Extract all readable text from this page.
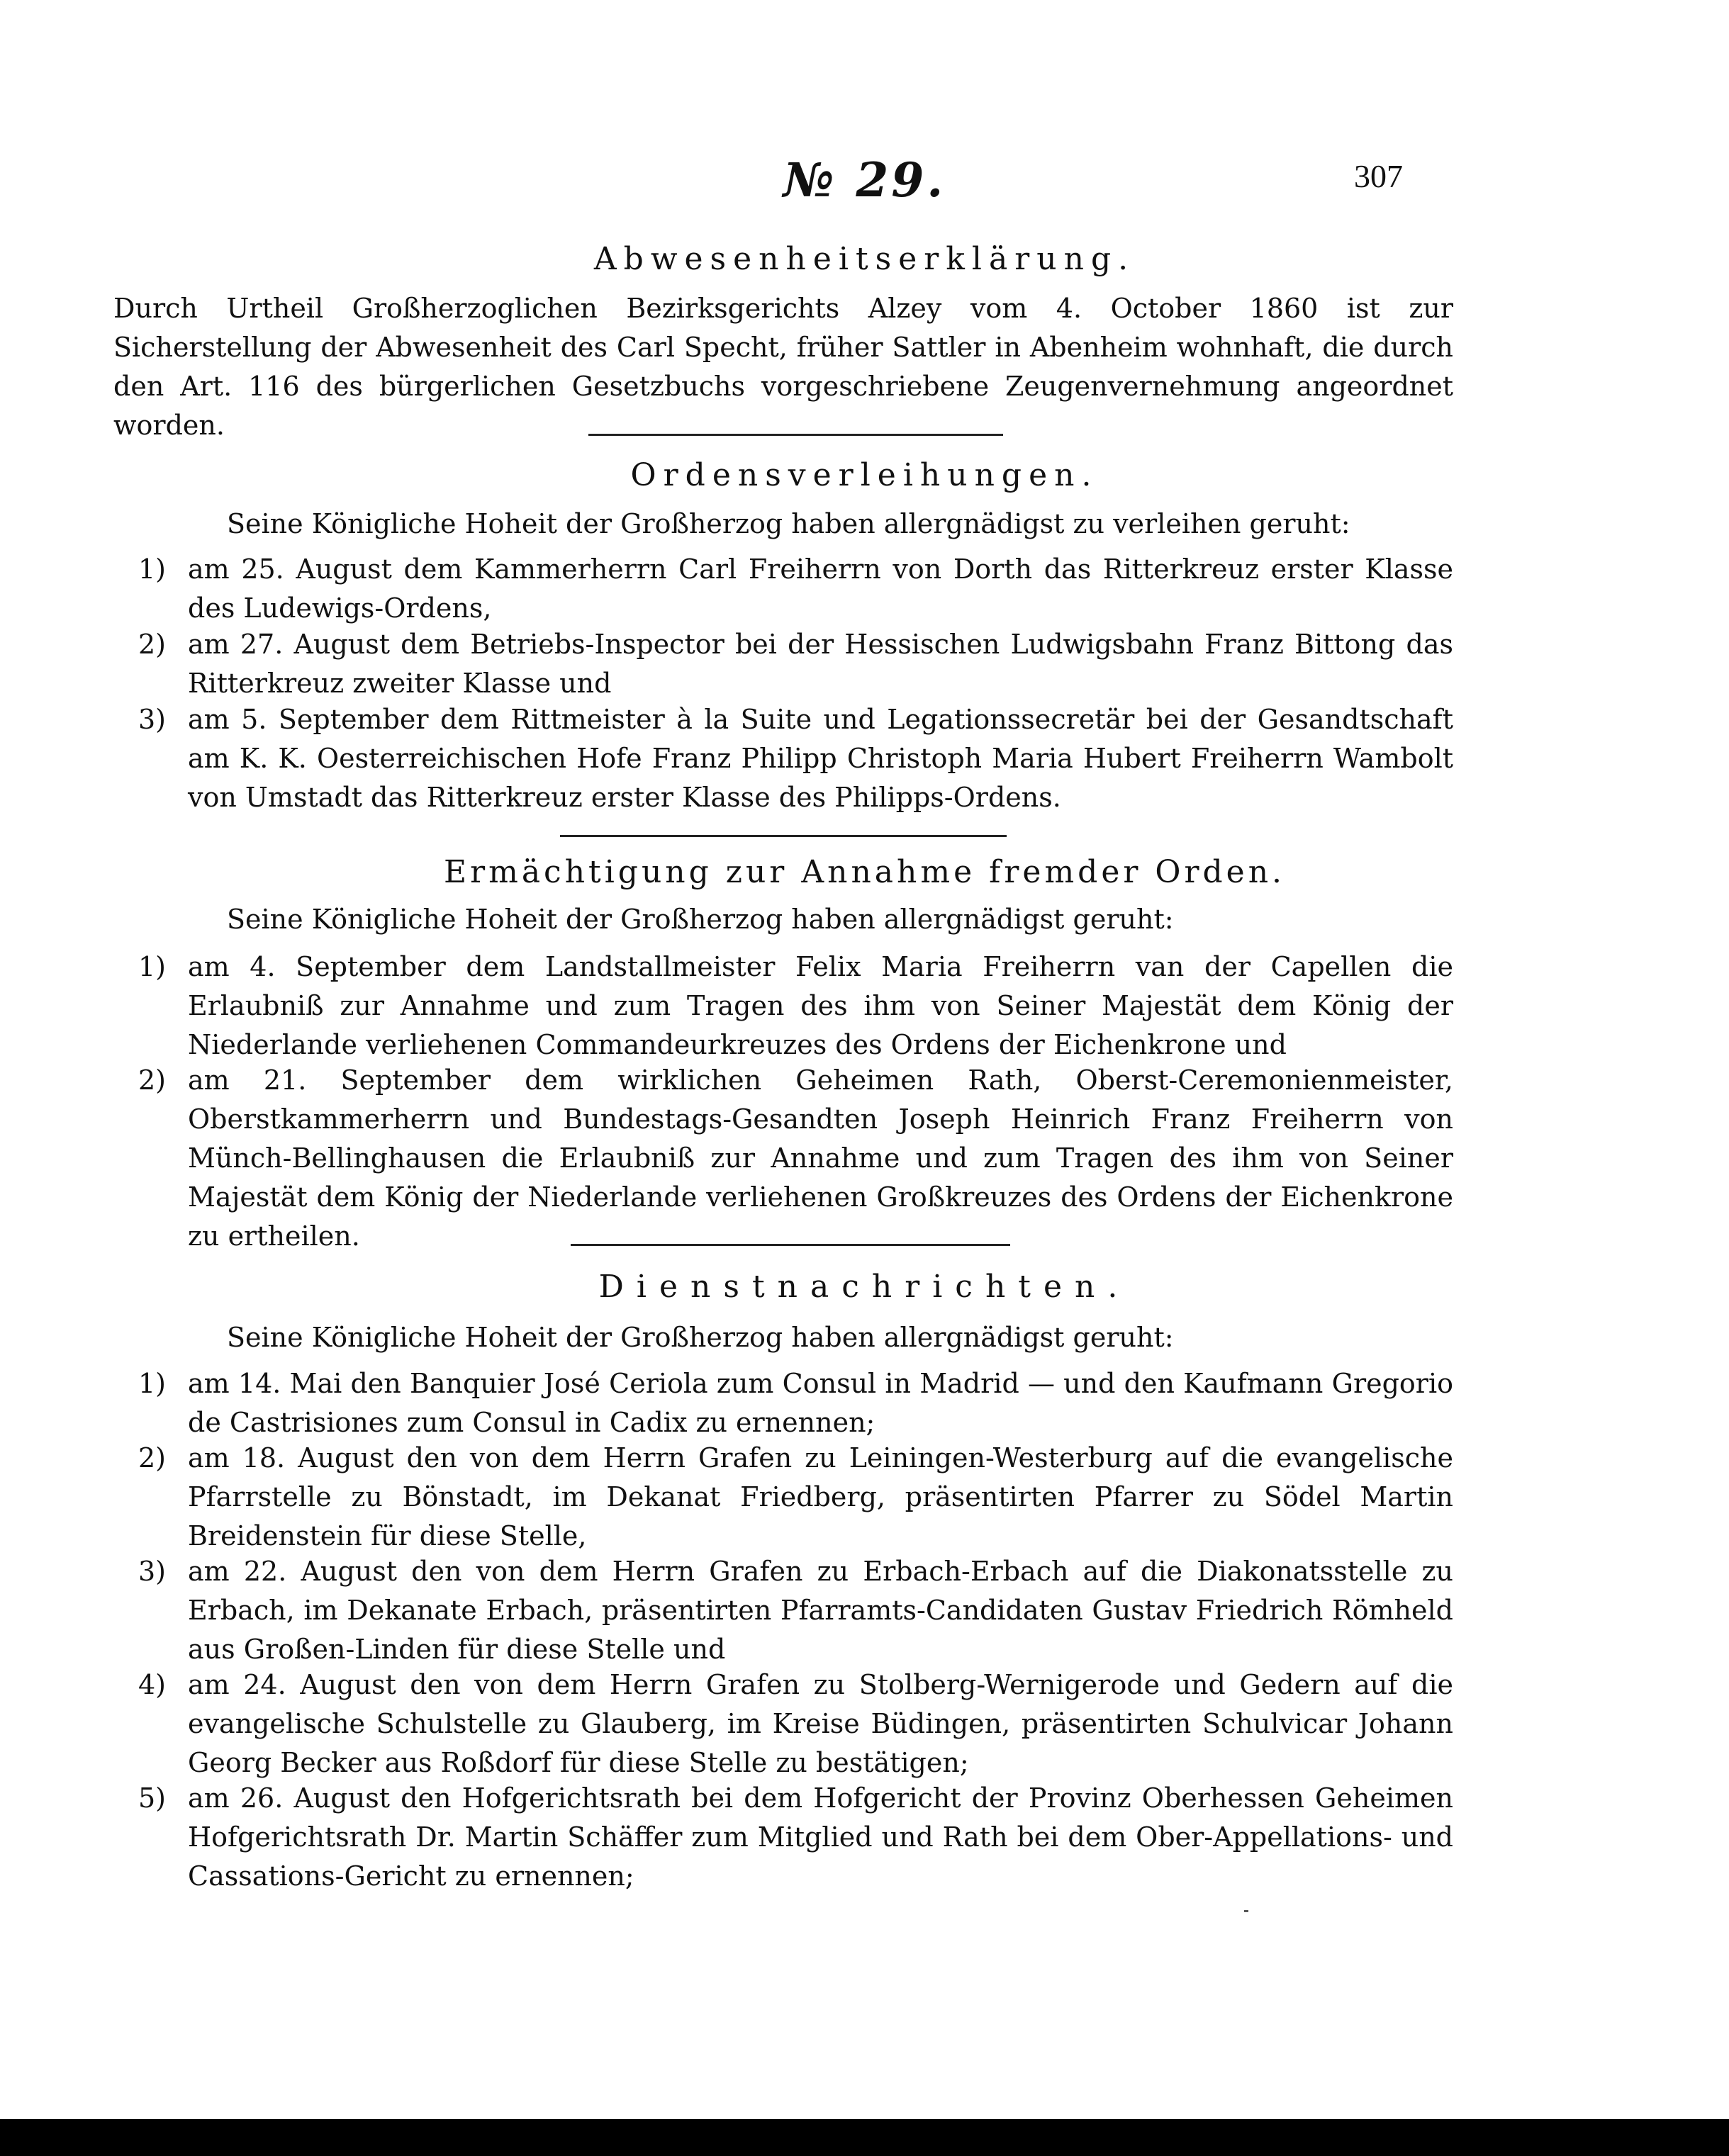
№ 29.	307
Abwesenheitserklärung.
Durch Urtheil Großherzoglichen Bezirksgerichts Alzey vom 4. October 1860 ist zur Sicherstellung der Abwesenheit des Carl Specht, früher Sattler in Abenheim wohnhaft, die durch den Art. 116 des bürgerlichen Gesetzbuchs vorgeschriebene Zeugenvernehmung angeordnet worden.
Ordensverleihungen.
Seine Königliche Hoheit der Großherzog haben allergnädigst zu verleihen geruht:
1) am 25. August dem Kammerherrn Carl Freiherrn von Dorth das Ritterkreuz erster Klasse des Ludewigs-Ordens,
2) am 27. August dem Betriebs-Inspector bei der Hessischen Ludwigsbahn Franz Bittong das Ritterkreuz zweiter Klasse und
3) am 5. September dem Rittmeister à la Suite und Legationssecretär bei der Gesandtschaft am K. K. Oesterreichischen Hofe Franz Philipp Christoph Maria Hubert Freiherrn Wambolt von Umstadt das Ritterkreuz erster Klasse des Philipps-Ordens.
Ermächtigung zur Annahme fremder Orden.
Seine Königliche Hoheit der Großherzog haben allergnädigst geruht:
1) am 4. September dem Landstallmeister Felix Maria Freiherrn van der Capellen die Erlaubniß zur Annahme und zum Tragen des ihm von Seiner Majestät dem König der Niederlande verliehenen Commandeurkreuzes des Ordens der Eichenkrone und
2) am 21. September dem wirklichen Geheimen Rath, Oberst-Ceremonienmeister, Oberstkammerherrn und Bundestags-Gesandten Joseph Heinrich Franz Freiherrn von Münch-Bellinghausen die Erlaubniß zur Annahme und zum Tragen des ihm von Seiner Majestät dem König der Niederlande verliehenen Großkreuzes des Ordens der Eichenkrone zu ertheilen.
Dienstnachrichten.
Seine Königliche Hoheit der Großherzog haben allergnädigst geruht:
1) am 14. Mai den Banquier José Ceriola zum Consul in Madrid — und den Kaufmann Gregorio de Castrisiones zum Consul in Cadix zu ernennen;
2) am 18. August den von dem Herrn Grafen zu Leiningen-Westerburg auf die evangelische Pfarrstelle zu Bönstadt, im Dekanat Friedberg, präsentirten Pfarrer zu Södel Martin Breidenstein für diese Stelle,
3) am 22. August den von dem Herrn Grafen zu Erbach-Erbach auf die Diakonatsstelle zu Erbach, im Dekanate Erbach, präsentirten Pfarramts-Candidaten Gustav Friedrich Römheld aus Großen-Linden für diese Stelle und
4) am 24. August den von dem Herrn Grafen zu Stolberg-Wernigerode und Gedern auf die evangelische Schulstelle zu Glauberg, im Kreise Büdingen, präsentirten Schulvicar Johann Georg Becker aus Roßdorf für diese Stelle zu bestätigen;
5) am 26. August den Hofgerichtsrath bei dem Hofgericht der Provinz Oberhessen Geheimen Hofgerichtsrath Dr. Martin Schäffer zum Mitglied und Rath bei dem Ober-Appellations- und Cassations-Gericht zu ernennen;
